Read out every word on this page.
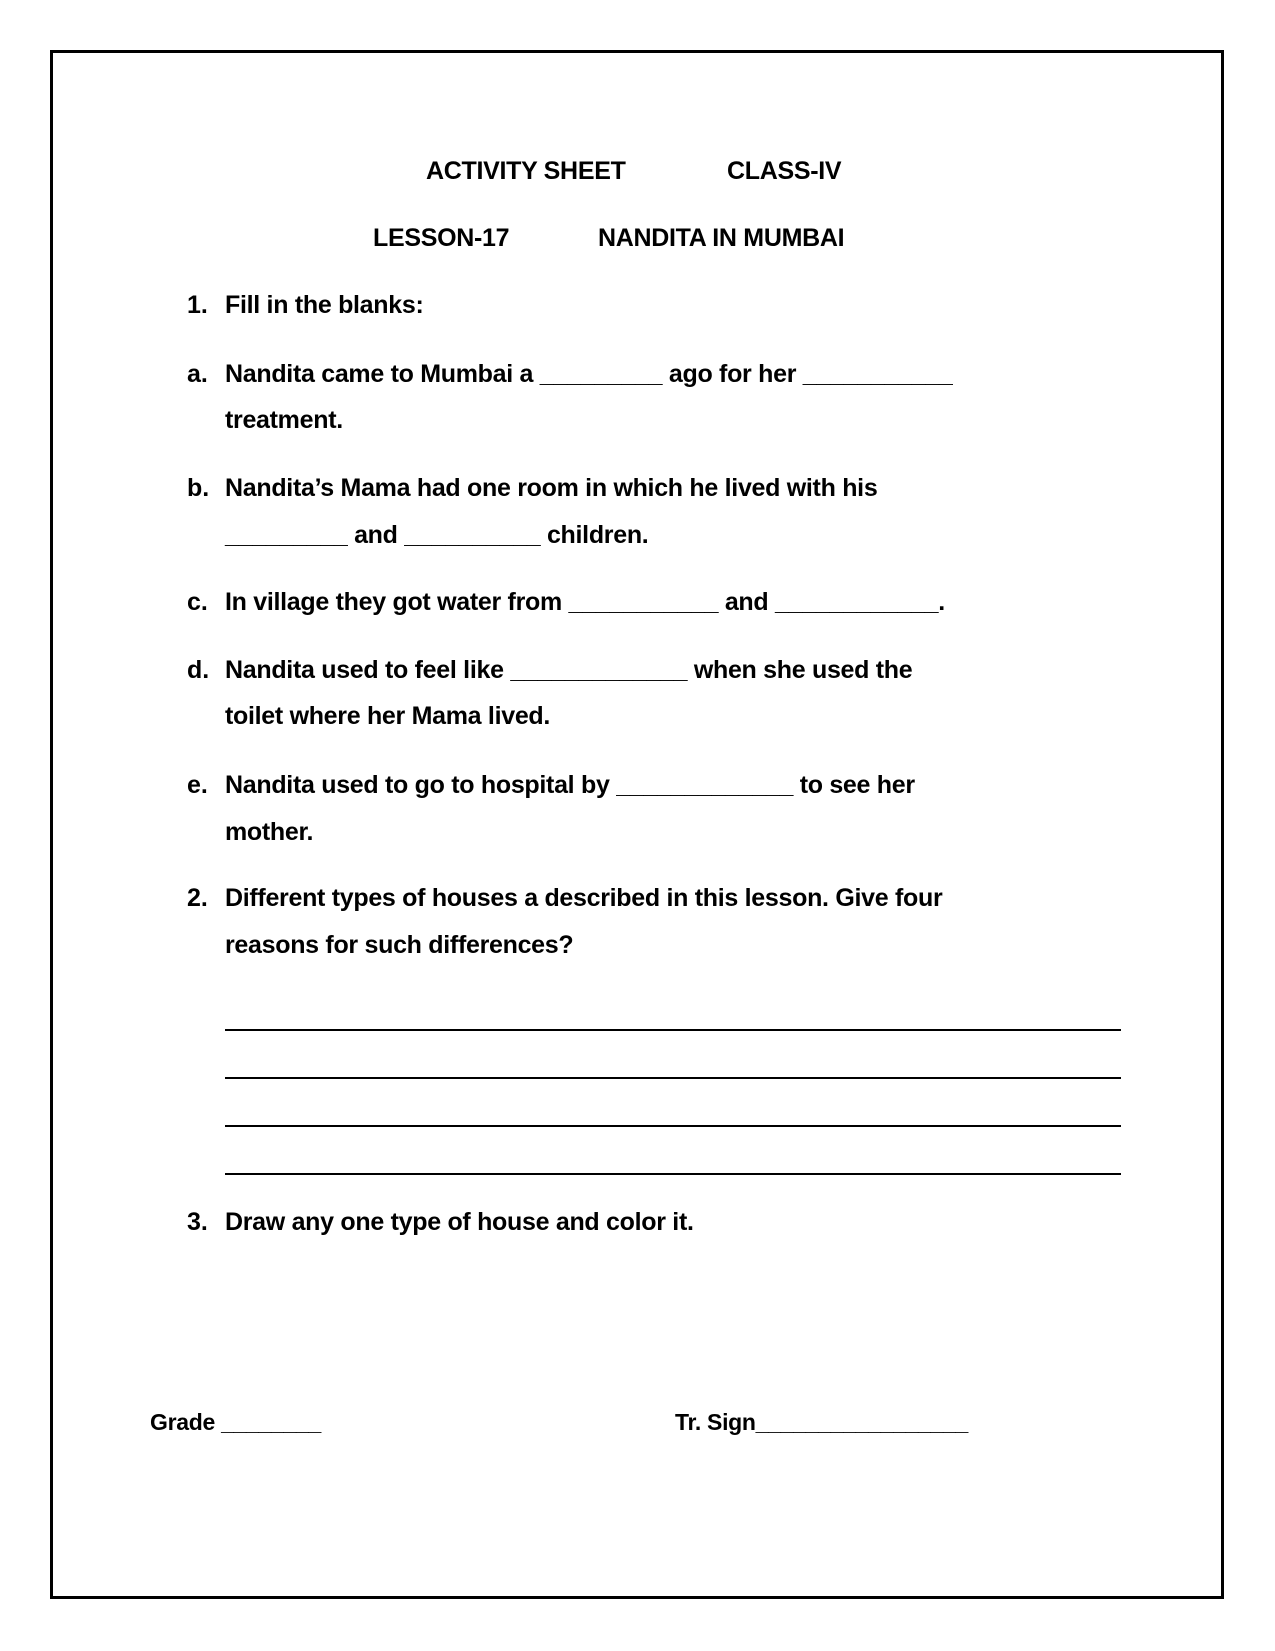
ACTIVITY SHEET	CLASS-IV
LESSON-17	NANDITA IN MUMBAI
1. Fill in the blanks:
a. Nandita came to Mumbai a _________ ago for her ___________
treatment.
b. Nandita’s Mama had one room in which he lived with his
_________ and __________ children.
c. In village they got water from ___________ and ____________.
d. Nandita used to feel like _____________ when she used the
toilet where her Mama lived.
e. Nandita used to go to hospital by _____________ to see her
mother.
2. Different types of houses a described in this lesson. Give four
reasons for such differences?
3. Draw any one type of house and color it.
Grade ________	Tr. Sign_________________
